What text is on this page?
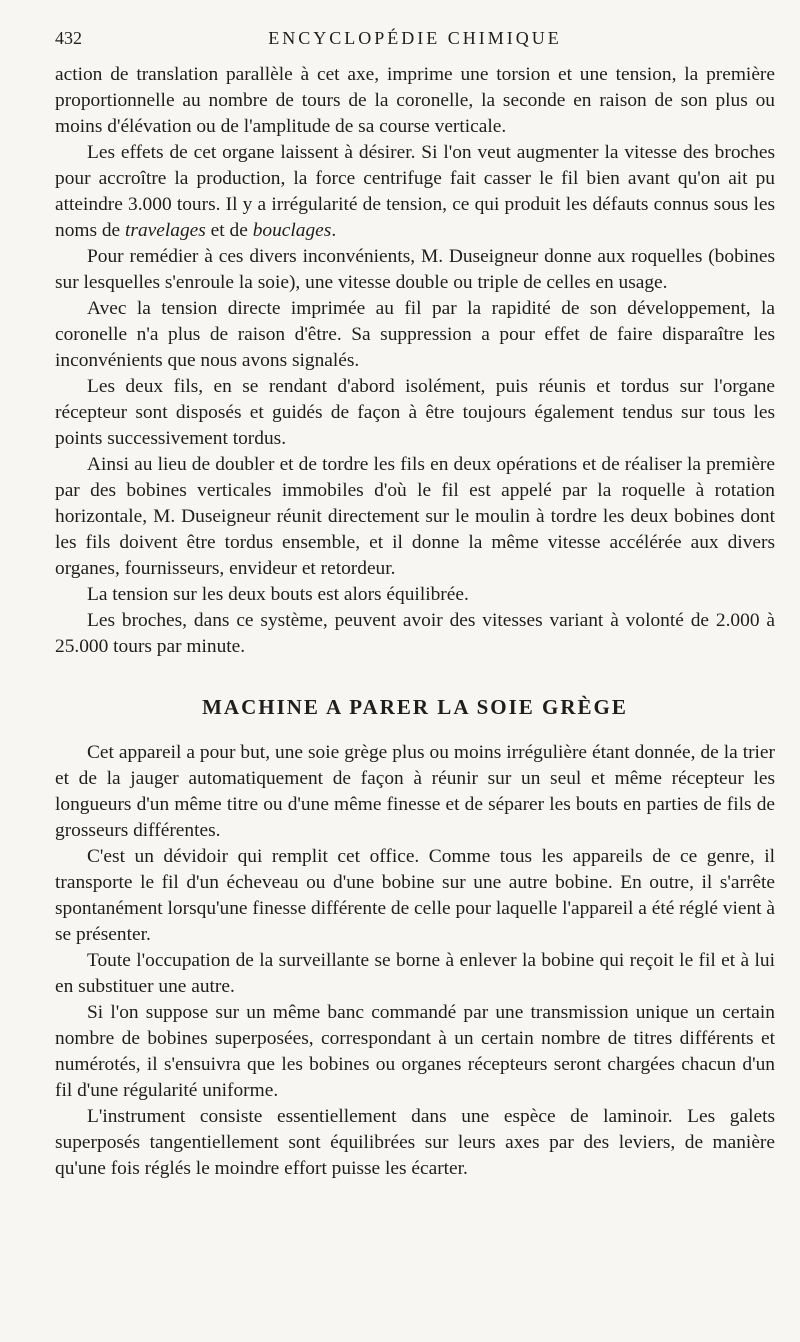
432	ENCYCLOPÉDIE CHIMIQUE

action de translation parallèle à cet axe, imprime une torsion et une tension, la première proportionnelle au nombre de tours de la coronelle, la seconde en raison de son plus ou moins d'élévation ou de l'amplitude de sa course verticale.

Les effets de cet organe laissent à désirer. Si l'on veut augmenter la vitesse des broches pour accroître la production, la force centrifuge fait casser le fil bien avant qu'on ait pu atteindre 3.000 tours. Il y a irrégularité de tension, ce qui produit les défauts connus sous les noms de travelages et de bouclages.

Pour remédier à ces divers inconvénients, M. Duseigneur donne aux roquelles (bobines sur lesquelles s'enroule la soie), une vitesse double ou triple de celles en usage.

Avec la tension directe imprimée au fil par la rapidité de son développement, la coronelle n'a plus de raison d'être. Sa suppression a pour effet de faire disparaître les inconvénients que nous avons signalés.

Les deux fils, en se rendant d'abord isolément, puis réunis et tordus sur l'organe récepteur sont disposés et guidés de façon à être toujours également tendus sur tous les points successivement tordus.

Ainsi au lieu de doubler et de tordre les fils en deux opérations et de réaliser la première par des bobines verticales immobiles d'où le fil est appelé par la roquelle à rotation horizontale, M. Duseigneur réunit directement sur le moulin à tordre les deux bobines dont les fils doivent être tordus ensemble, et il donne la même vitesse accélérée aux divers organes, fournisseurs, envideur et retordeur.

La tension sur les deux bouts est alors équilibrée.

Les broches, dans ce système, peuvent avoir des vitesses variant à volonté de 2.000 à 25.000 tours par minute.

MACHINE A PARER LA SOIE GRÈGE

Cet appareil a pour but, une soie grège plus ou moins irrégulière étant donnée, de la trier et de la jauger automatiquement de façon à réunir sur un seul et même récepteur les longueurs d'un même titre ou d'une même finesse et de séparer les bouts en parties de fils de grosseurs différentes.

C'est un dévidoir qui remplit cet office. Comme tous les appareils de ce genre, il transporte le fil d'un écheveau ou d'une bobine sur une autre bobine. En outre, il s'arrête spontanément lorsqu'une finesse différente de celle pour laquelle l'appareil a été réglé vient à se présenter.

Toute l'occupation de la surveillante se borne à enlever la bobine qui reçoit le fil et à lui en substituer une autre.

Si l'on suppose sur un même banc commandé par une transmission unique un certain nombre de bobines superposées, correspondant à un certain nombre de titres différents et numérotés, il s'ensuivra que les bobines ou organes récepteurs seront chargées chacun d'un fil d'une régularité uniforme.

L'instrument consiste essentiellement dans une espèce de laminoir. Les galets superposés tangentiellement sont équilibrées sur leurs axes par des leviers, de manière qu'une fois réglés le moindre effort puisse les écarter.
